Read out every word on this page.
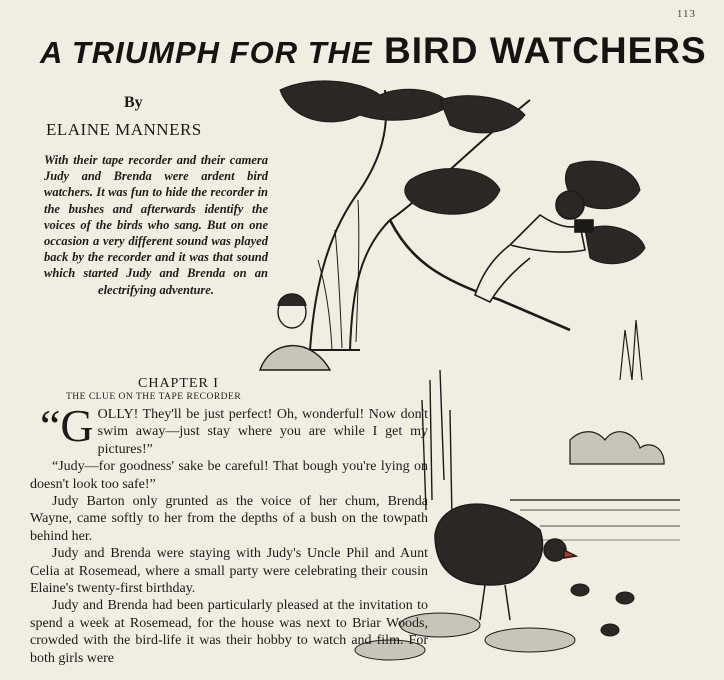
113
A TRIUMPH FOR THE BIRD WATCHERS
By
ELAINE MANNERS
With their tape recorder and their camera Judy and Brenda were ardent bird watchers. It was fun to hide the recorder in the bushes and afterwards identify the voices of the birds who sang. But on one occasion a very different sound was played back by the recorder and it was that sound which started Judy and Brenda on an electrifying adventure.
CHAPTER I
THE CLUE ON THE TAPE RECORDER

“G OLLY! They'll be just perfect! Oh, wonderful! Now don't swim away—just stay where you are while I get my pictures!”

“Judy—for goodness' sake be careful! That bough you're lying on doesn't look too safe!”

Judy Barton only grunted as the voice of her chum, Brenda Wayne, came softly to her from the depths of a bush on the towpath behind her.

Judy and Brenda were staying with Judy's Uncle Phil and Aunt Celia at Rosemead, where a small party were celebrating their cousin Elaine's twenty-first birthday.

Judy and Brenda had been particularly pleased at the invitation to spend a week at Rosemead, for the house was next to Briar Woods, crowded with the bird-life it was their hobby to watch and film. For both girls were
